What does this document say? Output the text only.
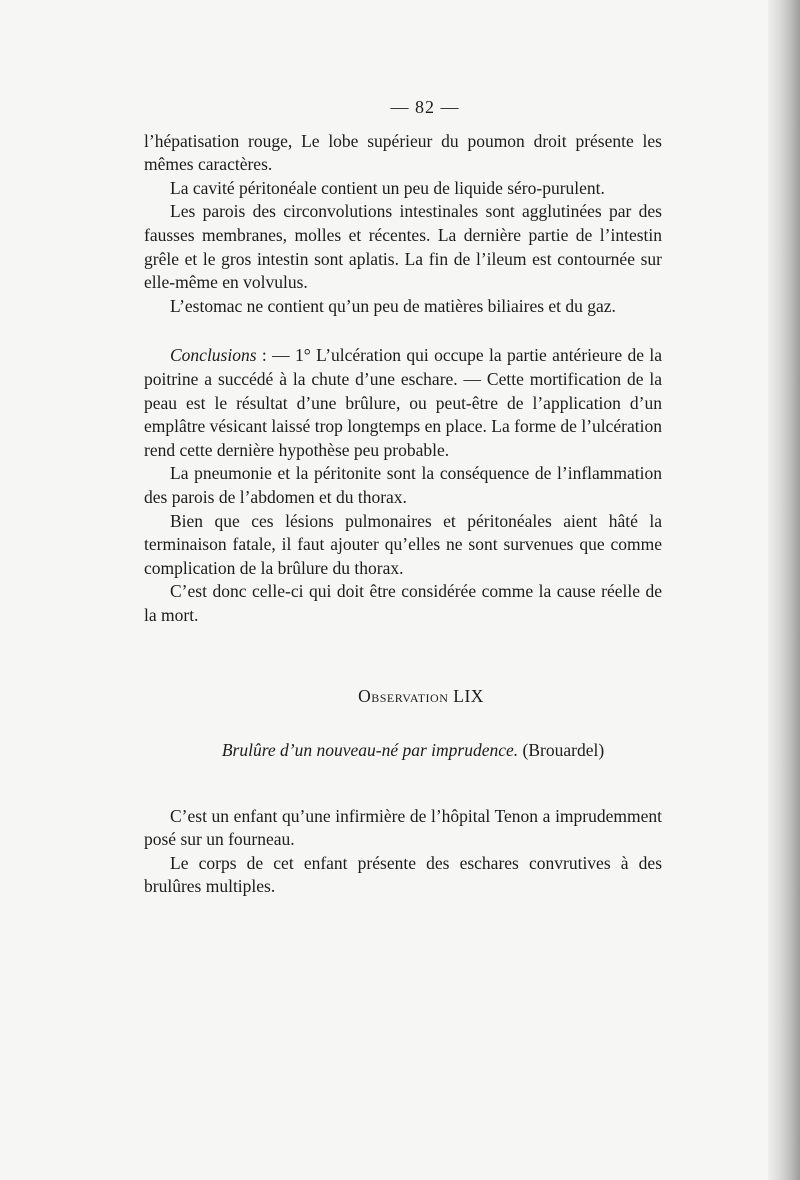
— 82 —

l’hépatisation rouge, Le lobe supérieur du poumon droit présente les mêmes caractères.

La cavité péritonéale contient un peu de liquide séro-purulent.

Les parois des circonvolutions intestinales sont agglutinées par des fausses membranes, molles et récentes. La dernière partie de l’intestin grêle et le gros intestin sont aplatis. La fin de l’ileum est contournée sur elle-même en volvulus.

L’estomac ne contient qu’un peu de matières biliaires et du gaz.

Conclusions : — 1° L’ulcération qui occupe la partie antérieure de la poitrine a succédé à la chute d’une eschare. — Cette mortification de la peau est le résultat d’une brûlure, ou peut-être de l’application d’un emplâtre vésicant laissé trop longtemps en place. La forme de l’ulcération rend cette dernière hypothèse peu probable.

La pneumonie et la péritonite sont la conséquence de l’inflammation des parois de l’abdomen et du thorax.

Bien que ces lésions pulmonaires et péritonéales aient hâté la terminaison fatale, il faut ajouter qu’elles ne sont survenues que comme complication de la brûlure du thorax.

C’est donc celle-ci qui doit être considérée comme la cause réelle de la mort.

Observation LIX
Brulûre d’un nouveau-né par imprudence. (Brouardel)

C’est un enfant qu’une infirmière de l’hôpital Tenon a imprudemment posé sur un fourneau.

Le corps de cet enfant présente des eschares convrutives à des brulûres multiples.
